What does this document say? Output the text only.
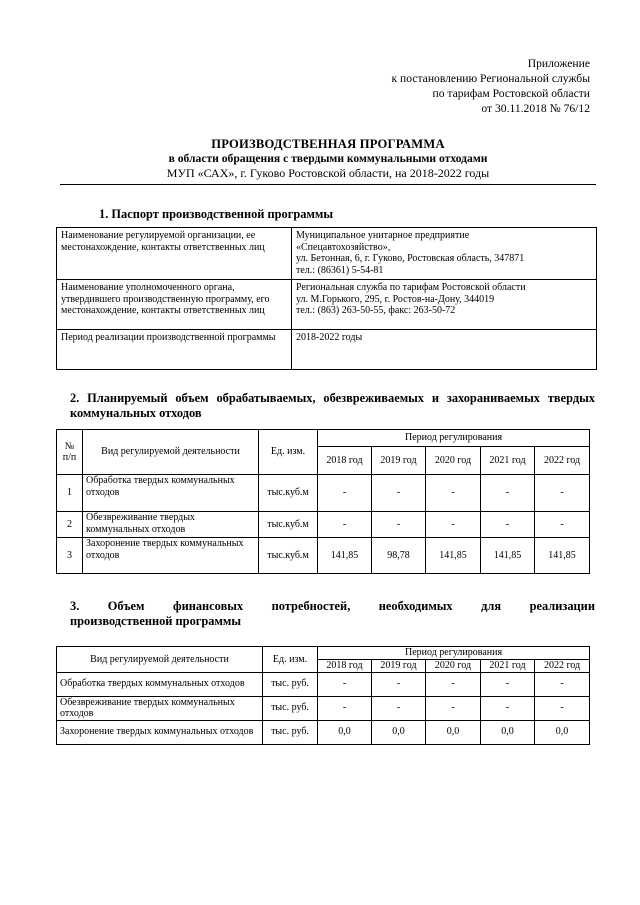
Приложение
к постановлению Региональной службы
по тарифам Ростовской области
от 30.11.2018 № 76/12
ПРОИЗВОДСТВЕННАЯ ПРОГРАММА
в области обращения с твердыми коммунальными отходами
МУП «САХ», г. Гуково Ростовской области, на 2018-2022 годы
1. Паспорт производственной программы
Наименование регулируемой организации, ее местонахождение, контакты ответственных лиц	Муниципальное унитарное предприятие
«Спецавтохозяйство»,
ул. Бетонная, 6, г. Гуково, Ростовская область, 347871
тел.: (86361) 5-54-81

Наименование уполномоченного органа, утвердившего производственную программу, его местонахождение, контакты ответственных лиц	Региональная служба по тарифам Ростовской области
ул. М.Горького, 295, г. Ростов-на-Дону, 344019
тел.: (863) 263-50-55, факс: 263-50-72

Период реализации производственной программы	2018-2022 годы
2. Планируемый объем обрабатываемых, обезвреживаемых и захораниваемых твердых коммунальных отходов
№ п/п	Вид регулируемой деятельности	Ед. изм.	Период регулирования				
			2018 год	2019 год	2020 год	2021 год	2022 год
1	Обработка твердых коммунальных отходов	тыс.куб.м	-	-	-	-	-
2	Обезвреживание твердых коммунальных отходов	тыс.куб.м	-	-	-	-	-
3	Захоронение твердых коммунальных отходов	тыс.куб.м	141,85	98,78	141,85	141,85	141,85
3. Объем финансовых потребностей, необходимых для реализации
производственной программы
Вид регулируемой деятельности	Ед. изм.	Период регулирования				
		2018 год	2019 год	2020 год	2021 год	2022 год
Обработка твердых коммунальных отходов	тыс. руб.	-	-	-	-	-
Обезвреживание твердых коммунальных отходов	тыс. руб.	-	-	-	-	-
Захоронение твердых коммунальных отходов	тыс. руб.	0,0	0,0	0,0	0,0	0,0
